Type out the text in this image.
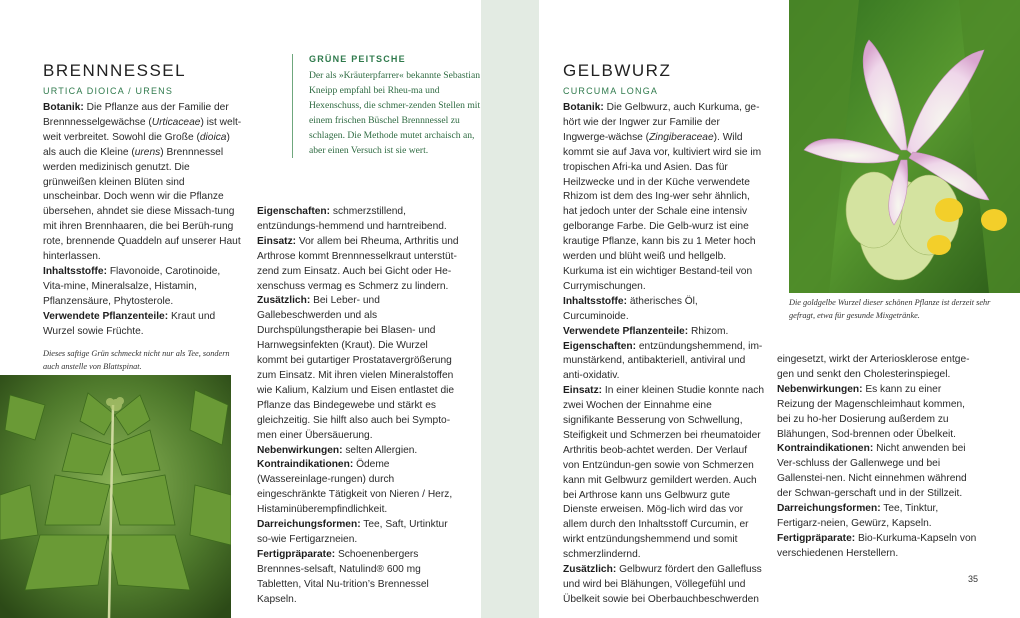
BRENNNESSEL
URTICA DIOICA / URENS

Botanik: Die Pflanze aus der Familie der Brennnesselgewächse (Urticaceae) ist welt-weit verbreitet. Sowohl die Große (dioica) als auch die Kleine (urens) Brennnessel werden medizinisch genutzt. Die grünweißen kleinen Blüten sind unscheinbar. Doch wenn wir die Pflanze übersehen, ahndet sie diese Missach-tung mit ihren Brennhaaren, die bei Berüh-rung rote, brennende Quaddeln auf unserer Haut hinterlassen.

Inhaltsstoffe: Flavonoide, Carotinoide, Vita-mine, Mineralsalze, Histamin, Pflanzensäure, Phytosterole.

Verwendete Pflanzenteile: Kraut und Wurzel sowie Früchte.

Dieses saftige Grün schmeckt nicht nur als Tee, sondern auch anstelle von Blattspinat.
GRÜNE PEITSCHE
Der als »Kräuterpfarrer« bekannte Sebastian Kneipp empfahl bei Rheu-ma und Hexenschuss, die schmer-zenden Stellen mit einem frischen Büschel Brennnessel zu schlagen. Die Methode mutet archaisch an, aber einen Versuch ist sie wert.

Eigenschaften: schmerzstillend, entzündungs-hemmend und harntreibend.

Einsatz: Vor allem bei Rheuma, Arthritis und Arthrose kommt Brennnesselkraut unterstüt-zend zum Einsatz. Auch bei Gicht oder He-xenschuss vermag es Schmerz zu lindern.

Zusätzlich: Bei Leber- und Gallebeschwerden und als Durchspülungstherapie bei Blasen- und Harnwegsinfekten (Kraut). Die Wurzel kommt bei gutartiger Prostatavergrößerung zum Einsatz. Mit ihren vielen Mineralstoffen wie Kalium, Kalzium und Eisen entlastet die Pflanze das Bindegewebe und stärkt es gleichzeitig. Sie hilft also auch bei Sympto-men einer Übersäuerung.

Nebenwirkungen: selten Allergien.

Kontraindikationen: Ödeme (Wassereinlage-rungen) durch eingeschränkte Tätigkeit von Nieren / Herz, Histaminüberempfindlichkeit.

Darreichungsformen: Tee, Saft, Urtinktur so-wie Fertigarzneien.

Fertigpräparate: Schoenenbergers Brennnes-selsaft, Natulind® 600 mg Tabletten, Vital Nu-trition’s Brennessel Kapseln.

GELBWURZ
CURCUMA LONGA

Botanik: Die Gelbwurz, auch Kurkuma, ge-hört wie der Ingwer zur Familie der Ingwerge-wächse (Zingiberaceae). Wild kommt sie auf Java vor, kultiviert wird sie im tropischen Afri-ka und Asien. Das für Heilzwecke und in der Küche verwendete Rhizom ist dem des Ing-wer sehr ähnlich, hat jedoch unter der Schale eine intensiv gelborange Farbe. Die Gelb-wurz ist eine krautige Pflanze, kann bis zu 1 Meter hoch werden und blüht weiß und hellgelb. Kurkuma ist ein wichtiger Bestand-teil von Currymischungen.

Inhaltsstoffe: ätherisches Öl, Curcuminoide.

Verwendete Pflanzenteile: Rhizom.

Eigenschaften: entzündungshemmend, im-munstärkend, antibakteriell, antiviral und anti-oxidativ.

Einsatz: In einer kleinen Studie konnte nach zwei Wochen der Einnahme eine signifikante Besserung von Schwellung, Steifigkeit und Schmerzen bei rheumatoider Arthritis beob-achtet werden. Der Verlauf von Entzündun-gen sowie von Schmerzen kann mit Gelbwurz gemildert werden. Auch bei Arthrose kann uns Gelbwurz gute Dienste erweisen. Mög-lich wird das vor allem durch den Inhaltsstoff Curcumin, er wirkt entzündungshemmend und somit schmerzlindernd.

Zusätzlich: Gelbwurz fördert den Gallefluss und wird bei Blähungen, Völlegefühl und Übelkeit sowie bei Oberbauchbeschwerden

Die goldgelbe Wurzel dieser schönen Pflanze ist derzeit sehr gefragt, etwa für gesunde Mixgetränke.

eingesetzt, wirkt der Arteriosklerose entge-gen und senkt den Cholesterinspiegel.

Nebenwirkungen: Es kann zu einer Reizung der Magenschleimhaut kommen, bei zu ho-her Dosierung außerdem zu Blähungen, Sod-brennen oder Übelkeit.

Kontraindikationen: Nicht anwenden bei Ver-schluss der Gallenwege und bei Gallenstei-nen. Nicht einnehmen während der Schwan-gerschaft und in der Stillzeit.

Darreichungsformen: Tee, Tinktur, Fertigarz-neien, Gewürz, Kapseln.

Fertigpräparate: Bio-Kurkuma-Kapseln von verschiedenen Herstellern.

35
